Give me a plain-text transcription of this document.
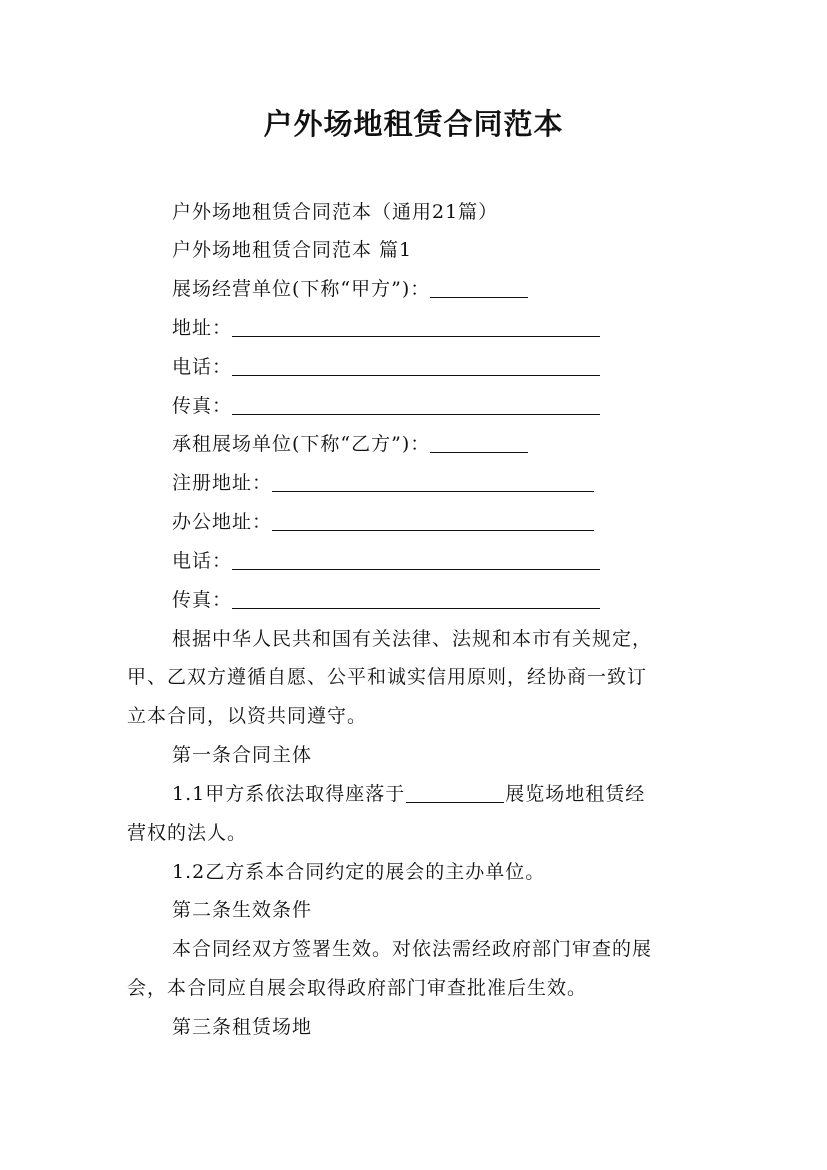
户外场地租赁合同范本
户外场地租赁合同范本（通用21篇）
户外场地租赁合同范本 篇1
展场经营单位(下称“甲方”)：
地址：
电话：
传真：
承租展场单位(下称“乙方”)：
注册地址：
办公地址：
电话：
传真：
根据中华人民共和国有关法律、法规和本市有关规定，
甲、乙双方遵循自愿、公平和诚实信用原则，经协商一致订
立本合同，以资共同遵守。
第一条合同主体
1.1甲方系依法取得座落于	展览场地租赁经
营权的法人。
1.2乙方系本合同约定的展会的主办单位。
第二条生效条件
本合同经双方签署生效。对依法需经政府部门审查的展
会，本合同应自展会取得政府部门审查批准后生效。
第三条租赁场地
